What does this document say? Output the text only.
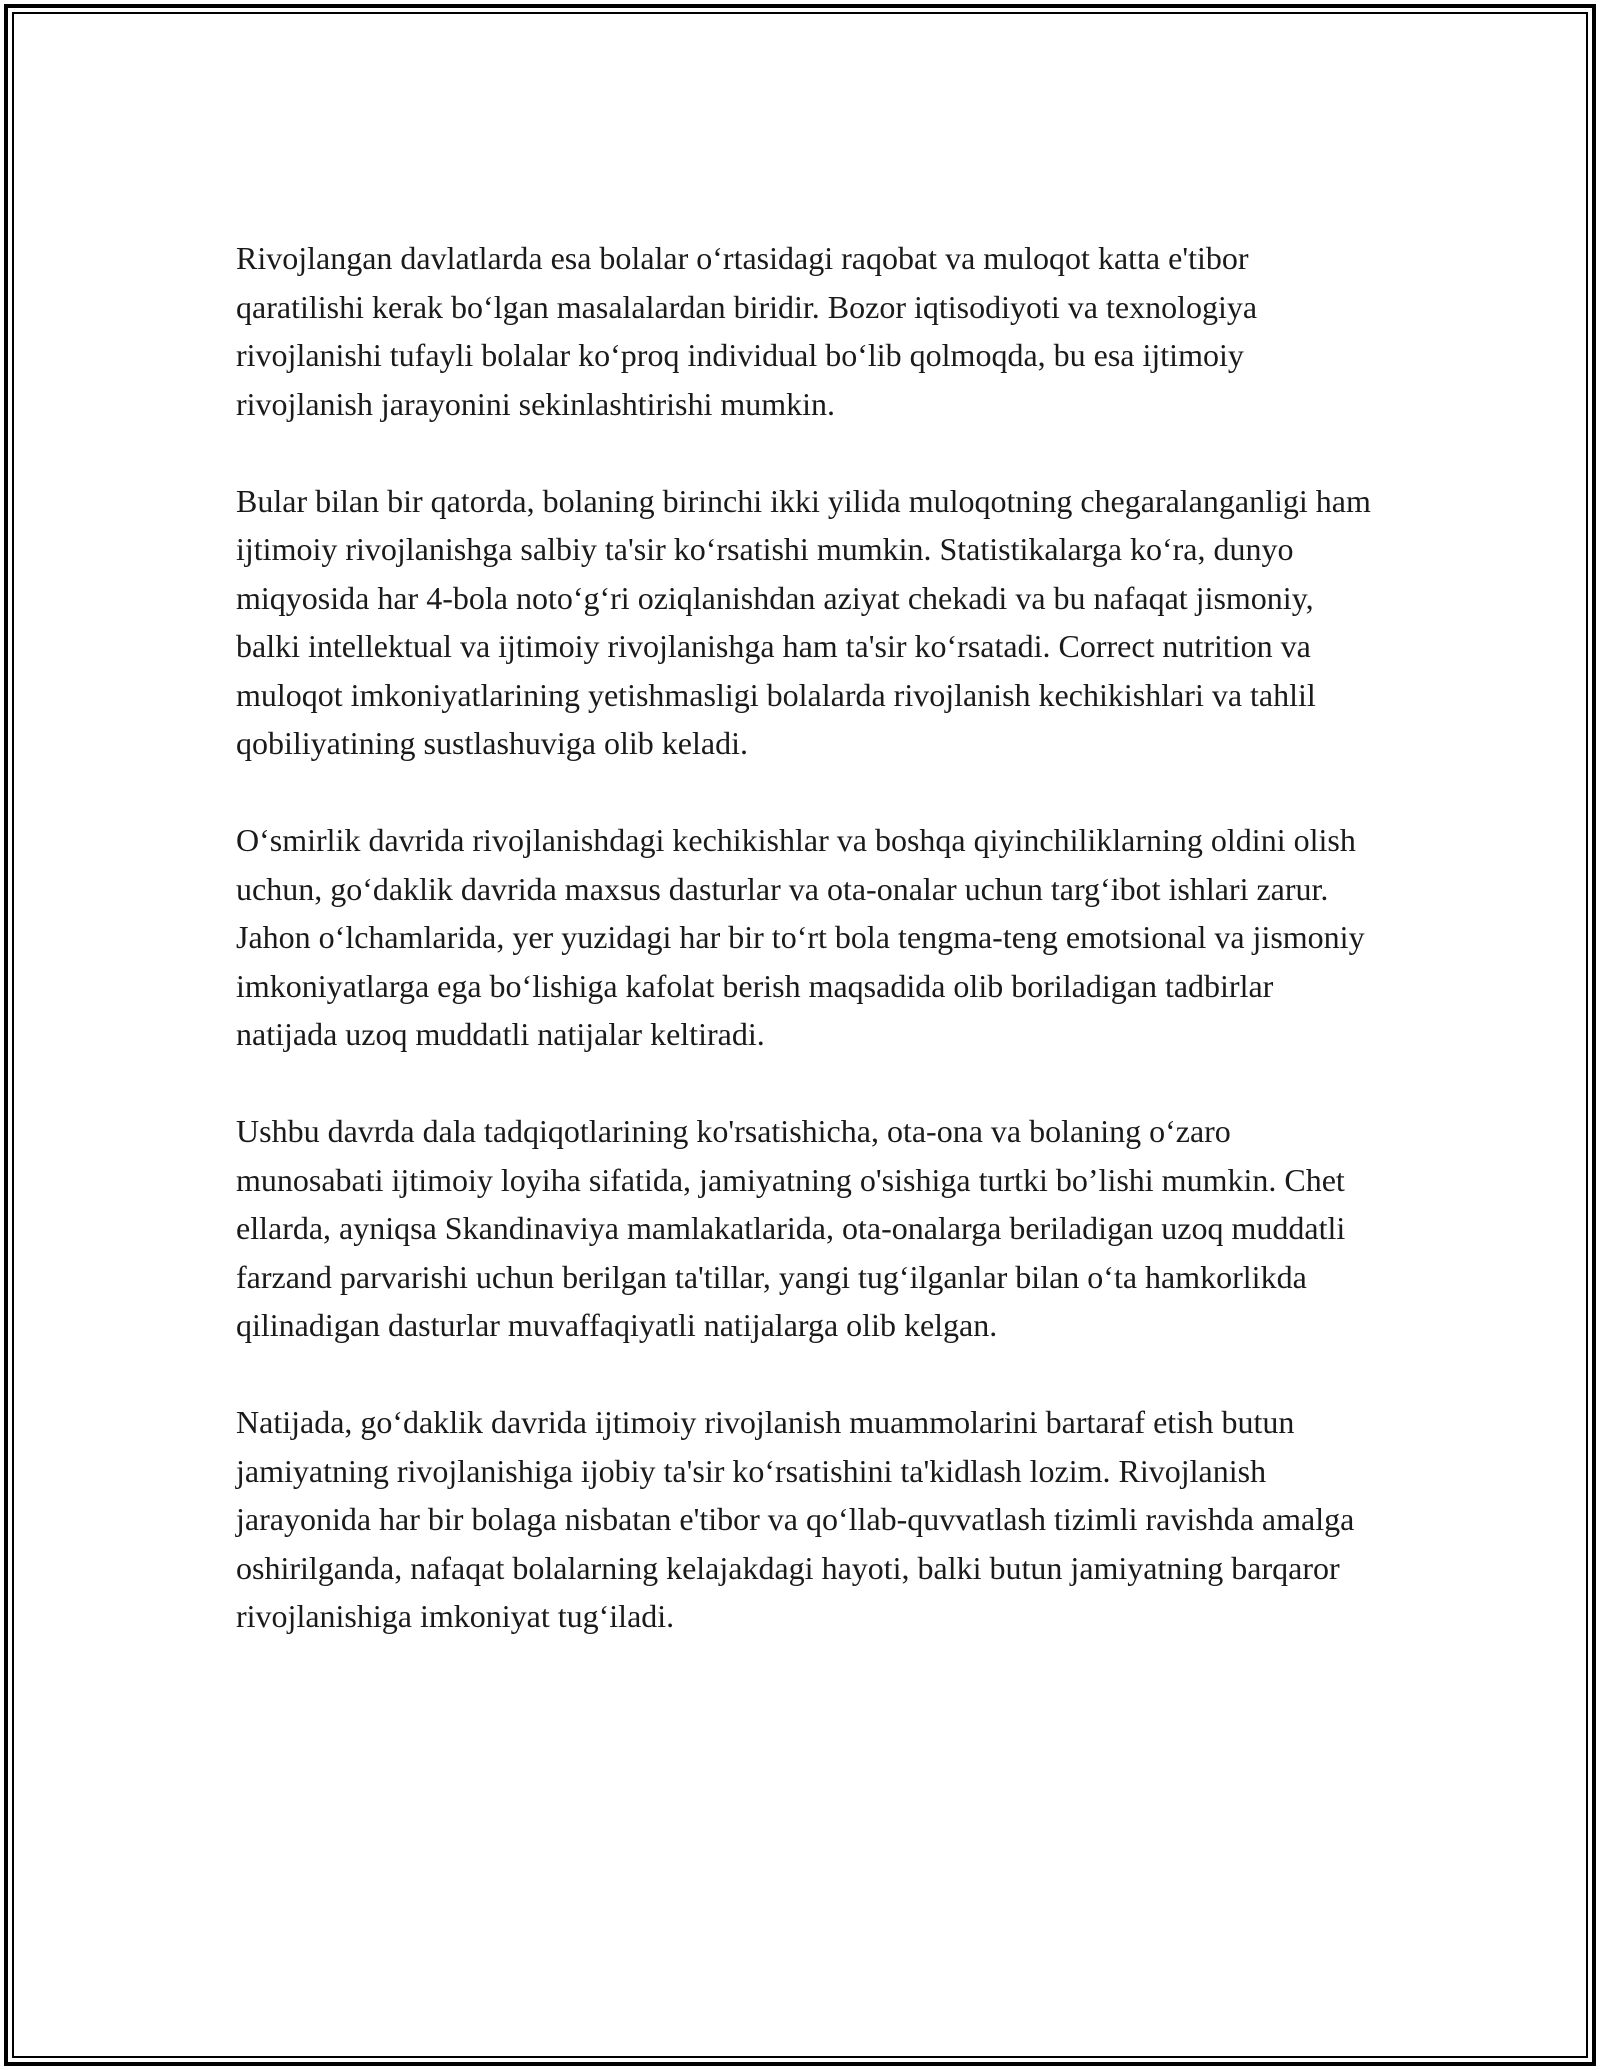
Rivojlangan davlatlarda esa bolalar o‘rtasidagi raqobat va muloqot katta e'tibor qaratilishi kerak bo‘lgan masalalardan biridir. Bozor iqtisodiyoti va texnologiya rivojlanishi tufayli bolalar ko‘proq individual bo‘lib qolmoqda, bu esa ijtimoiy rivojlanish jarayonini sekinlashtirishi mumkin.

Bular bilan bir qatorda, bolaning birinchi ikki yilida muloqotning chegaralanganligi ham ijtimoiy rivojlanishga salbiy ta'sir ko‘rsatishi mumkin. Statistikalarga ko‘ra, dunyo miqyosida har 4-bola noto‘g‘ri oziqlanishdan aziyat chekadi va bu nafaqat jismoniy, balki intellektual va ijtimoiy rivojlanishga ham ta'sir ko‘rsatadi. Correct nutrition va muloqot imkoniyatlarining yetishmasligi bolalarda rivojlanish kechikishlari va tahlil qobiliyatining sustlashuviga olib keladi.

O‘smirlik davrida rivojlanishdagi kechikishlar va boshqa qiyinchiliklarning oldini olish uchun, go‘daklik davrida maxsus dasturlar va ota-onalar uchun targ‘ibot ishlari zarur. Jahon o‘lchamlarida, yer yuzidagi har bir to‘rt bola tengma-teng emotsional va jismoniy imkoniyatlarga ega bo‘lishiga kafolat berish maqsadida olib boriladigan tadbirlar natijada uzoq muddatli natijalar keltiradi.

Ushbu davrda dala tadqiqotlarining ko'rsatishicha, ota-ona va bolaning o‘zaro munosabati ijtimoiy loyiha sifatida, jamiyatning o'sishiga turtki bo’lishi mumkin. Chet ellarda, ayniqsa Skandinaviya mamlakatlarida, ota-onalarga beriladigan uzoq muddatli farzand parvarishi uchun berilgan ta'tillar, yangi tug‘ilganlar bilan o‘ta hamkorlikda qilinadigan dasturlar muvaffaqiyatli natijalarga olib kelgan.

Natijada, go‘daklik davrida ijtimoiy rivojlanish muammolarini bartaraf etish butun jamiyatning rivojlanishiga ijobiy ta'sir ko‘rsatishini ta'kidlash lozim. Rivojlanish jarayonida har bir bolaga nisbatan e'tibor va qo‘llab-quvvatlash tizimli ravishda amalga oshirilganda, nafaqat bolalarning kelajakdagi hayoti, balki butun jamiyatning barqaror rivojlanishiga imkoniyat tug‘iladi.
